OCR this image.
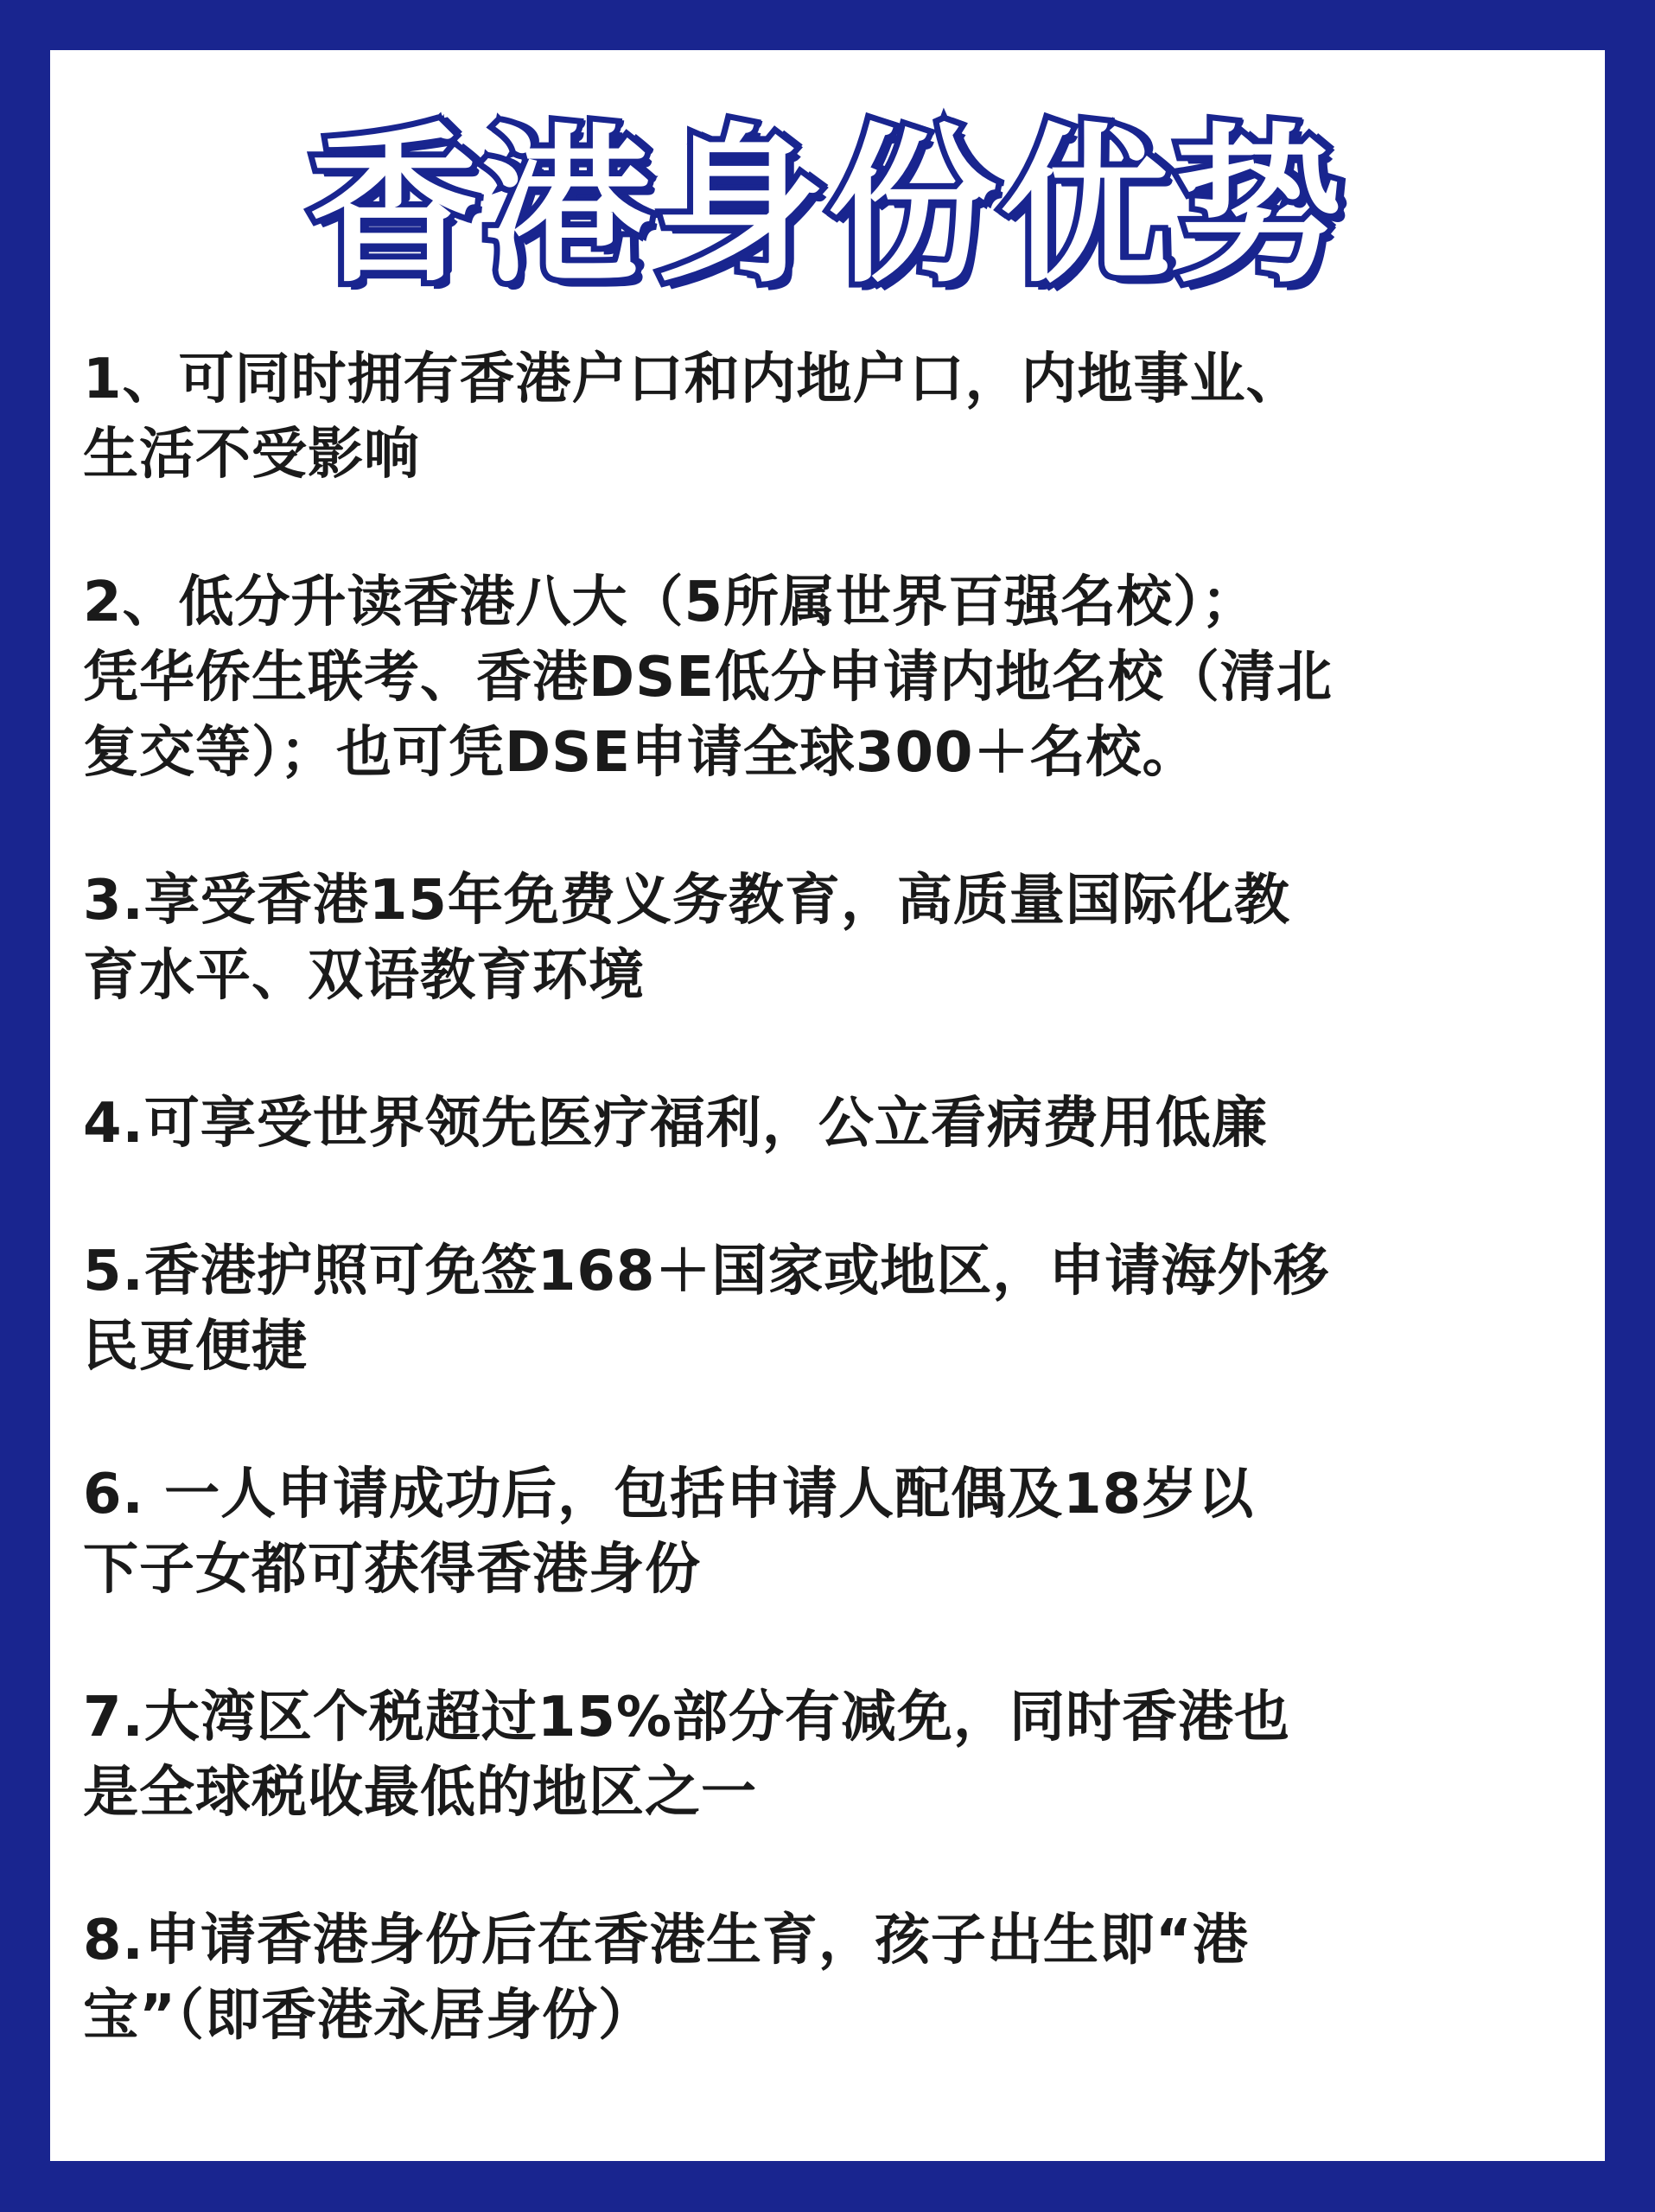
香港身份优势
1、可同时拥有香港户口和内地户口，内地事业、
生活不受影响
2、低分升读香港八大（5所属世界百强名校）；
凭华侨生联考、香港DSE低分申请内地名校（清北
复交等）；也可凭DSE申请全球300＋名校。
3.享受香港15年免费义务教育，高质量国际化教
育水平、双语教育环境
4.可享受世界领先医疗福利，公立看病费用低廉
5.香港护照可免签168＋国家或地区，申请海外移
民更便捷
6. 一人申请成功后，包括申请人配偶及18岁以
下子女都可获得香港身份
7.大湾区个税超过15%部分有减免，同时香港也
是全球税收最低的地区之一
8.申请香港身份后在香港生育，孩子出生即“港
宝”（即香港永居身份）
